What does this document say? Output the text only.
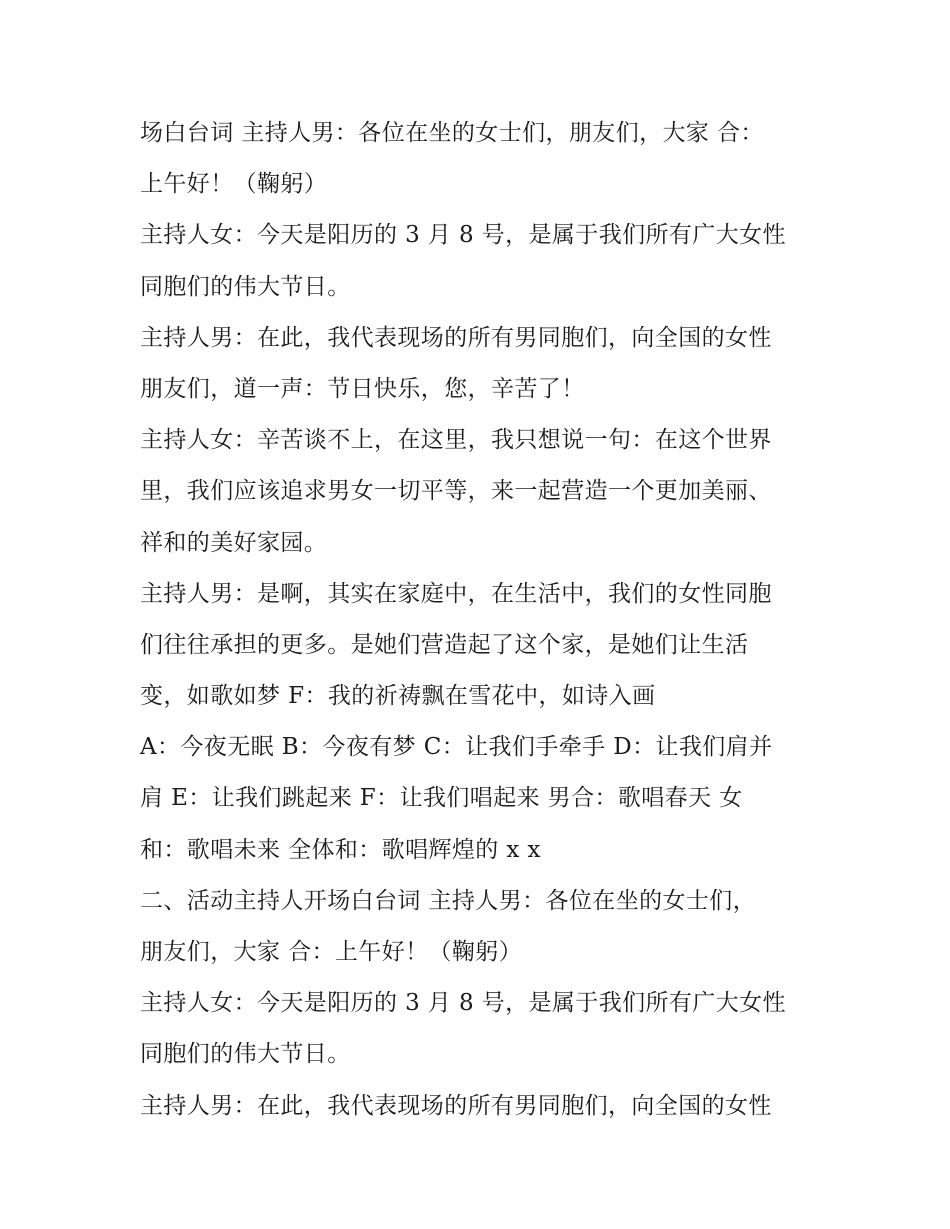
场白台词 主持人男：各位在坐的女士们，朋友们，大家 合：
上午好！（鞠躬）
主持人女：今天是阳历的 3 月 8 号，是属于我们所有广大女性
同胞们的伟大节日。
主持人男：在此，我代表现场的所有男同胞们，向全国的女性
朋友们，道一声：节日快乐，您，辛苦了！
主持人女：辛苦谈不上，在这里，我只想说一句：在这个世界
里，我们应该追求男女一切平等，来一起营造一个更加美丽、
祥和的美好家园。
主持人男：是啊，其实在家庭中，在生活中，我们的女性同胞
们往往承担的更多。是她们营造起了这个家，是她们让生活
变，如歌如梦 F：我的祈祷飘在雪花中，如诗入画
A：今夜无眠 B：今夜有梦 C：让我们手牵手 D：让我们肩并
肩 E：让我们跳起来 F：让我们唱起来 男合：歌唱春天 女
和：歌唱未来 全体和：歌唱辉煌的 x x
二、活动主持人开场白台词 主持人男：各位在坐的女士们，
朋友们，大家 合：上午好！（鞠躬）
主持人女：今天是阳历的 3 月 8 号，是属于我们所有广大女性
同胞们的伟大节日。
主持人男：在此，我代表现场的所有男同胞们，向全国的女性
